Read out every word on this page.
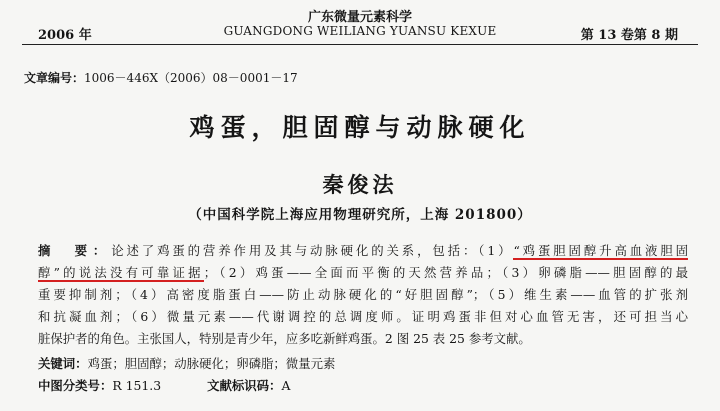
广东微量元素科学
2006 年	GUANGDONG WEILIANG YUANSU KEXUE	第 13 卷第 8 期
文章编号：1006－446X（2006）08－0001－17
鸡蛋，胆固醇与动脉硬化
秦俊法
（中国科学院上海应用物理研究所，上海 201800）
摘　要：论述了鸡蛋的营养作用及其与动脉硬化的关系，包括：（1）“鸡蛋胆固醇升高血液胆固
醇”的说法没有可靠证据；（2）鸡蛋——全面而平衡的天然营养品；（3）卵磷脂——胆固醇的最
重要抑制剂；（4）高密度脂蛋白——防止动脉硬化的“好胆固醇”；（5）维生素——血管的扩张剂
和抗凝血剂；（6）微量元素——代谢调控的总调度师。证明鸡蛋非但对心血管无害，还可担当心
脏保护者的角色。主张国人，特别是青少年，应多吃新鲜鸡蛋。2 图 25 表 25 参考文献。
关键词：鸡蛋；胆固醇；动脉硬化；卵磷脂；微量元素
中图分类号：R 151.3	文献标识码：A
